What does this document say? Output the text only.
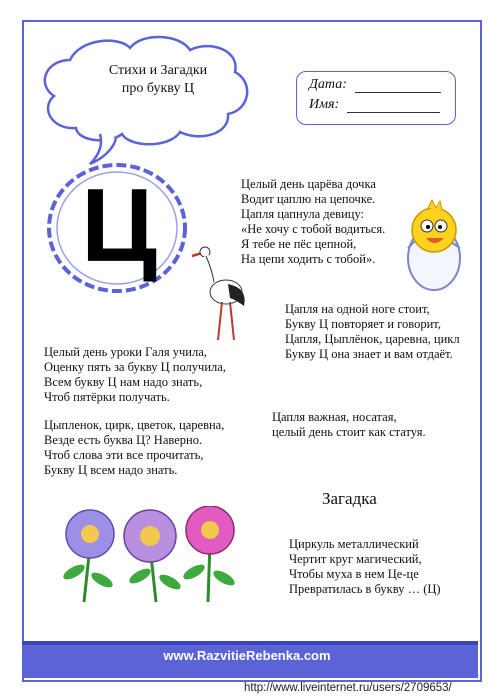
Стихи и Загадки
про букву Ц	Дата:
Имя:
Ц	Целый день царёва дочка
Водит цаплю на цепочке.
Цапля цапнула девицу:
«Не хочу с тобой водиться.
Я тебе не пёс цепной,
На цепи ходить с тобой».
Цапля на одной ноге стоит,
Букву Ц повторяет и говорит,
Цапля, Цыплёнок, царевна, цикл
Букву Ц она знает и вам отдаёт.
Целый день уроки Галя учила,
Оценку пять за букву Ц получила,
Всем букву Ц нам надо знать,
Чтоб пятёрки получать.
Цапля важная, носатая,
целый день стоит как статуя.
Цыпленок, цирк, цветок, царевна,
Везде есть буква Ц? Наверно.
Чтоб слова эти все прочитать,
Букву Ц всем надо знать.
Загадка
Циркуль металлический
Чертит круг магический,
Чтобы муха в нем Це-це
Превратилась в букву … (Ц)
www.RazvitieRebenka.com
http://www.liveinternet.ru/users/2709653/
